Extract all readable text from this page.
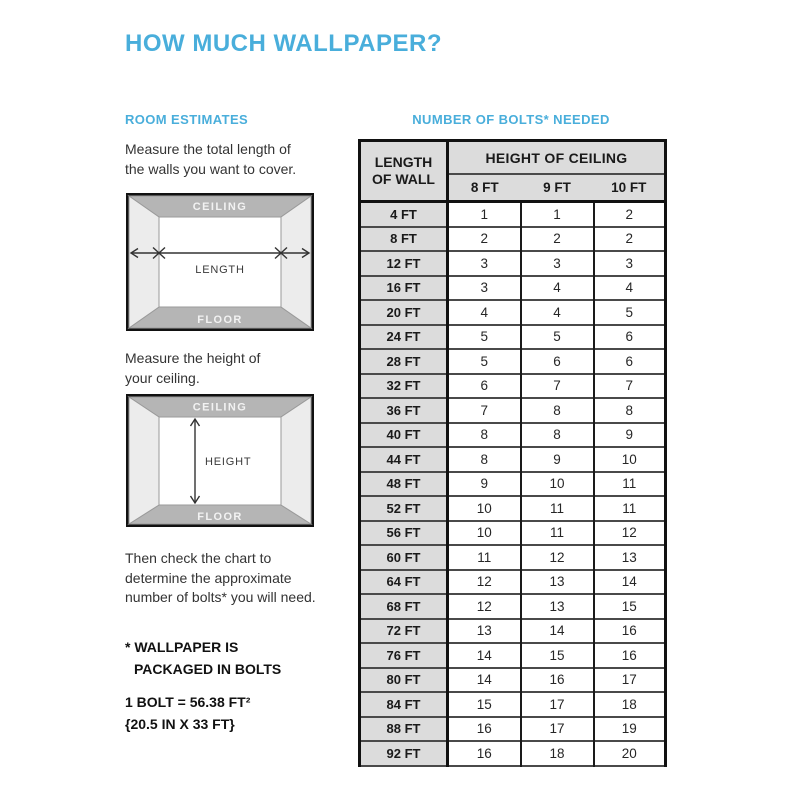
HOW MUCH WALLPAPER?
ROOM ESTIMATES
Measure the total length of
the walls you want to cover.
CEILING
LENGTH
FLOOR
Measure the height of
your ceiling.
CEILING
HEIGHT
FLOOR
Then check the chart to
determine the approximate
number of bolts* you will need.
* WALLPAPER IS
PACKAGED IN BOLTS
1 BOLT = 56.38 FT²
{20.5 IN X 33 FT}
NUMBER OF BOLTS* NEEDED
LENGTH
OF WALL	HEIGHT OF CEILING		
	8 FT	9 FT	10 FT
4 FT	1	1	2
8 FT	2	2	2
12 FT	3	3	3
16 FT	3	4	4
20 FT	4	4	5
24 FT	5	5	6
28 FT	5	6	6
32 FT	6	7	7
36 FT	7	8	8
40 FT	8	8	9
44 FT	8	9	10
48 FT	9	10	11
52 FT	10	11	11
56 FT	10	11	12
60 FT	11	12	13
64 FT	12	13	14
68 FT	12	13	15
72 FT	13	14	16
76 FT	14	15	16
80 FT	14	16	17
84 FT	15	17	18
88 FT	16	17	19
92 FT	16	18	20
